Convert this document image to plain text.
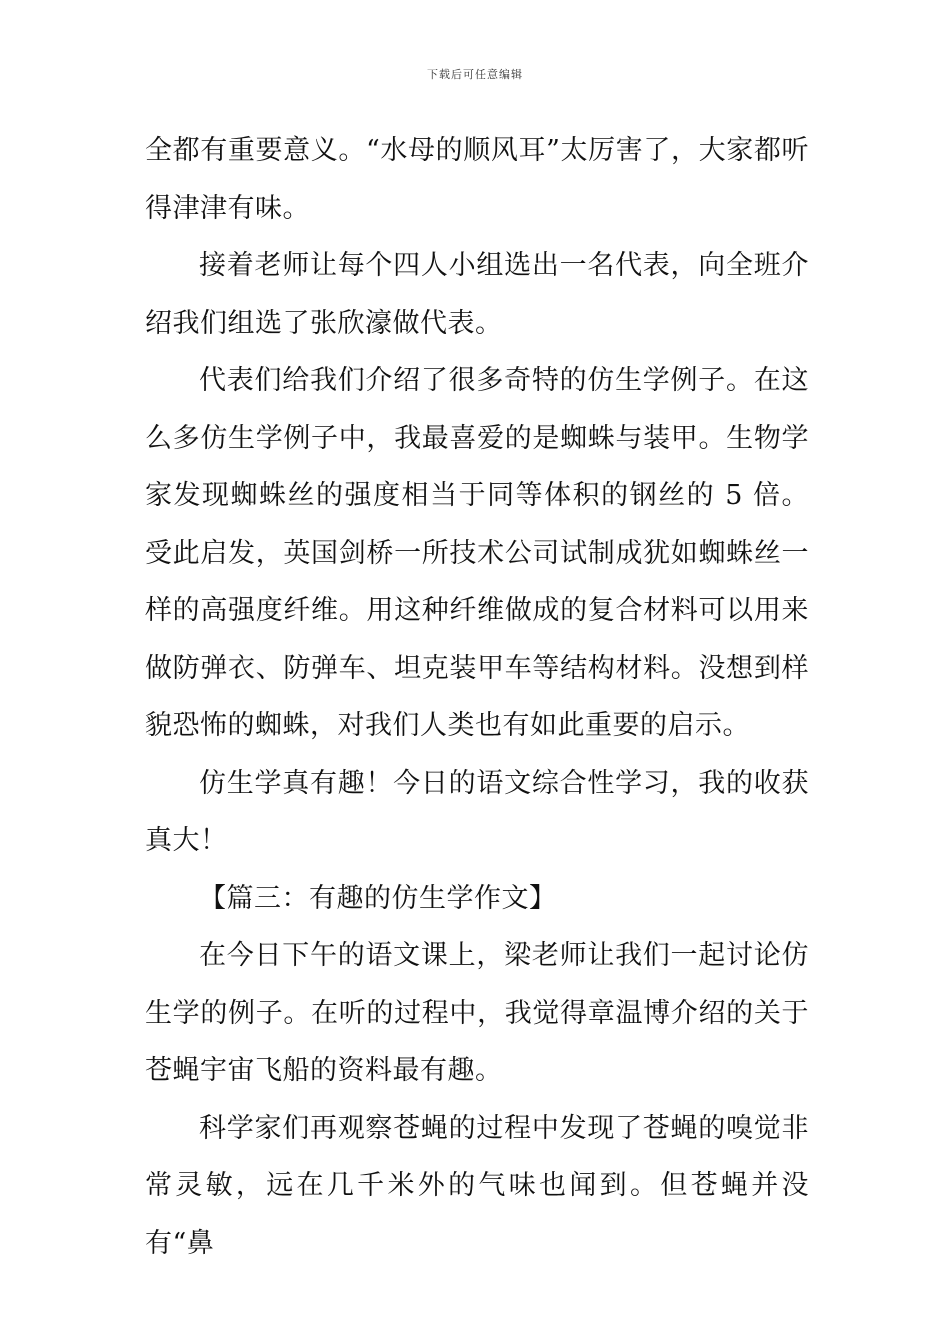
下载后可任意编辑

全都有重要意义。“水母的顺风耳”太厉害了，大家都听得津津有味。

接着老师让每个四人小组选出一名代表，向全班介绍我们组选了张欣濠做代表。

代表们给我们介绍了很多奇特的仿生学例子。在这么多仿生学例子中，我最喜爱的是蜘蛛与装甲。生物学家发现蜘蛛丝的强度相当于同等体积的钢丝的 5 倍。受此启发，英国剑桥一所技术公司试制成犹如蜘蛛丝一样的高强度纤维。用这种纤维做成的复合材料可以用来做防弹衣、防弹车、坦克装甲车等结构材料。没想到样貌恐怖的蜘蛛，对我们人类也有如此重要的启示。

仿生学真有趣！今日的语文综合性学习，我的收获真大！

【篇三：有趣的仿生学作文】

在今日下午的语文课上，梁老师让我们一起讨论仿生学的例子。在听的过程中，我觉得章温博介绍的关于苍蝇宇宙飞船的资料最有趣。

科学家们再观察苍蝇的过程中发现了苍蝇的嗅觉非常灵敏，远在几千米外的气味也闻到。但苍蝇并没有“鼻
